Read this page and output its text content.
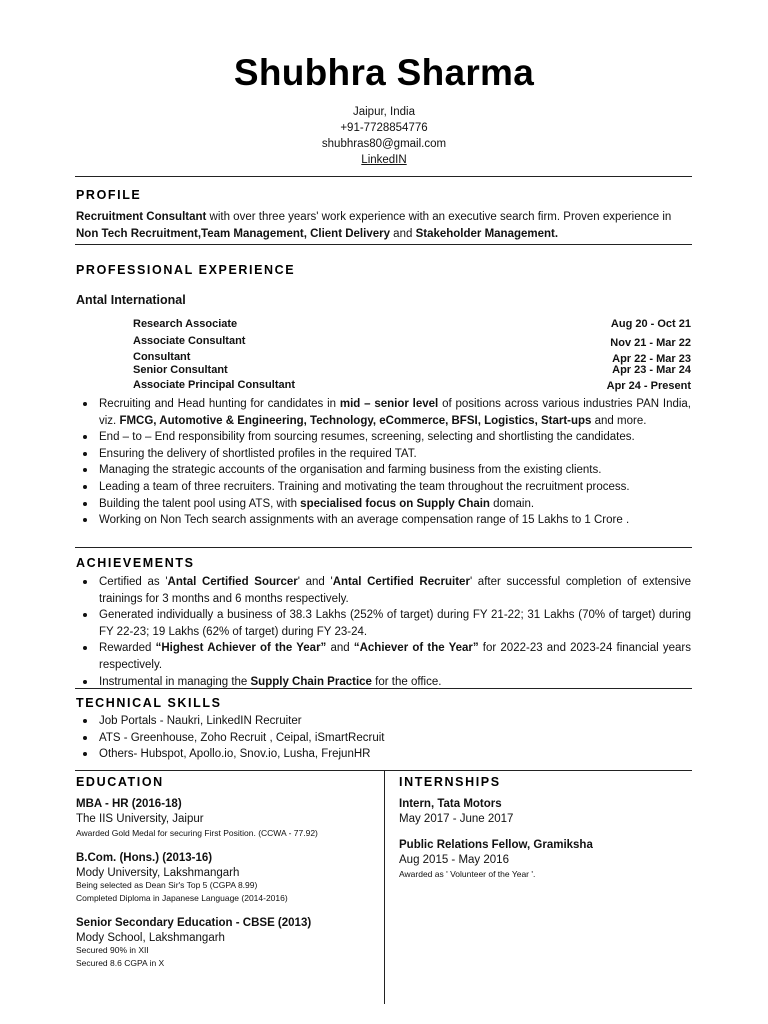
Shubhra Sharma
Jaipur, India
+91-7728854776
shubhras80@gmail.com
LinkedIN
PROFILE
Recruitment Consultant with over three years' work experience with an executive search firm. Proven experience in Non Tech Recruitment,Team Management, Client Delivery and Stakeholder Management.
PROFESSIONAL EXPERIENCE
Antal International
Research Associate	Aug 20 - Oct 21
Associate Consultant	Nov 21 - Mar 22
Consultant	Apr 22 - Mar 23
Senior Consultant	Apr 23 - Mar 24
Associate Principal Consultant	Apr 24 - Present
Recruiting and Head hunting for candidates in mid – senior level of positions across various industries PAN India, viz. FMCG, Automotive & Engineering, Technology, eCommerce, BFSI, Logistics, Start-ups and more.
End – to – End responsibility from sourcing resumes, screening, selecting and shortlisting the candidates.
Ensuring the delivery of shortlisted profiles in the required TAT.
Managing the strategic accounts of the organisation and farming business from the existing clients.
Leading a team of three recruiters. Training and motivating the team throughout the recruitment process.
Building the talent pool using ATS, with specialised focus on Supply Chain domain.
Working on Non Tech search assignments with an average compensation range of 15 Lakhs to 1 Crore .
ACHIEVEMENTS
Certified as 'Antal Certified Sourcer' and 'Antal Certified Recruiter' after successful completion of extensive trainings for 3 months and 6 months respectively.
Generated individually a business of 38.3 Lakhs (252% of target) during FY 21-22; 31 Lakhs (70% of target) during FY 22-23; 19 Lakhs (62% of target) during FY 23-24.
Rewarded “Highest Achiever of the Year” and “Achiever of the Year” for 2022-23 and 2023-24 financial years respectively.
Instrumental in managing the Supply Chain Practice for the office.
TECHNICAL SKILLS
Job Portals - Naukri, LinkedIN Recruiter
ATS - Greenhouse, Zoho Recruit , Ceipal, iSmartRecruit
Others- Hubspot, Apollo.io, Snov.io, Lusha, FrejunHR
EDUCATION
MBA - HR (2016-18)
The IIS University, Jaipur
Awarded Gold Medal for securing First Position. (CCWA - 77.92)
B.Com. (Hons.) (2013-16)
Mody University, Lakshmangarh
Being selected as Dean Sir's Top 5 (CGPA 8.99)
Completed Diploma in Japanese Language (2014-2016)
Senior Secondary Education - CBSE (2013)
Mody School, Lakshmangarh
Secured 90% in XII
Secured 8.6 CGPA in X
INTERNSHIPS
Intern, Tata Motors
May 2017 - June 2017
Public Relations Fellow, Gramiksha
Aug 2015 - May 2016
Awarded as ' Volunteer of the Year '.
